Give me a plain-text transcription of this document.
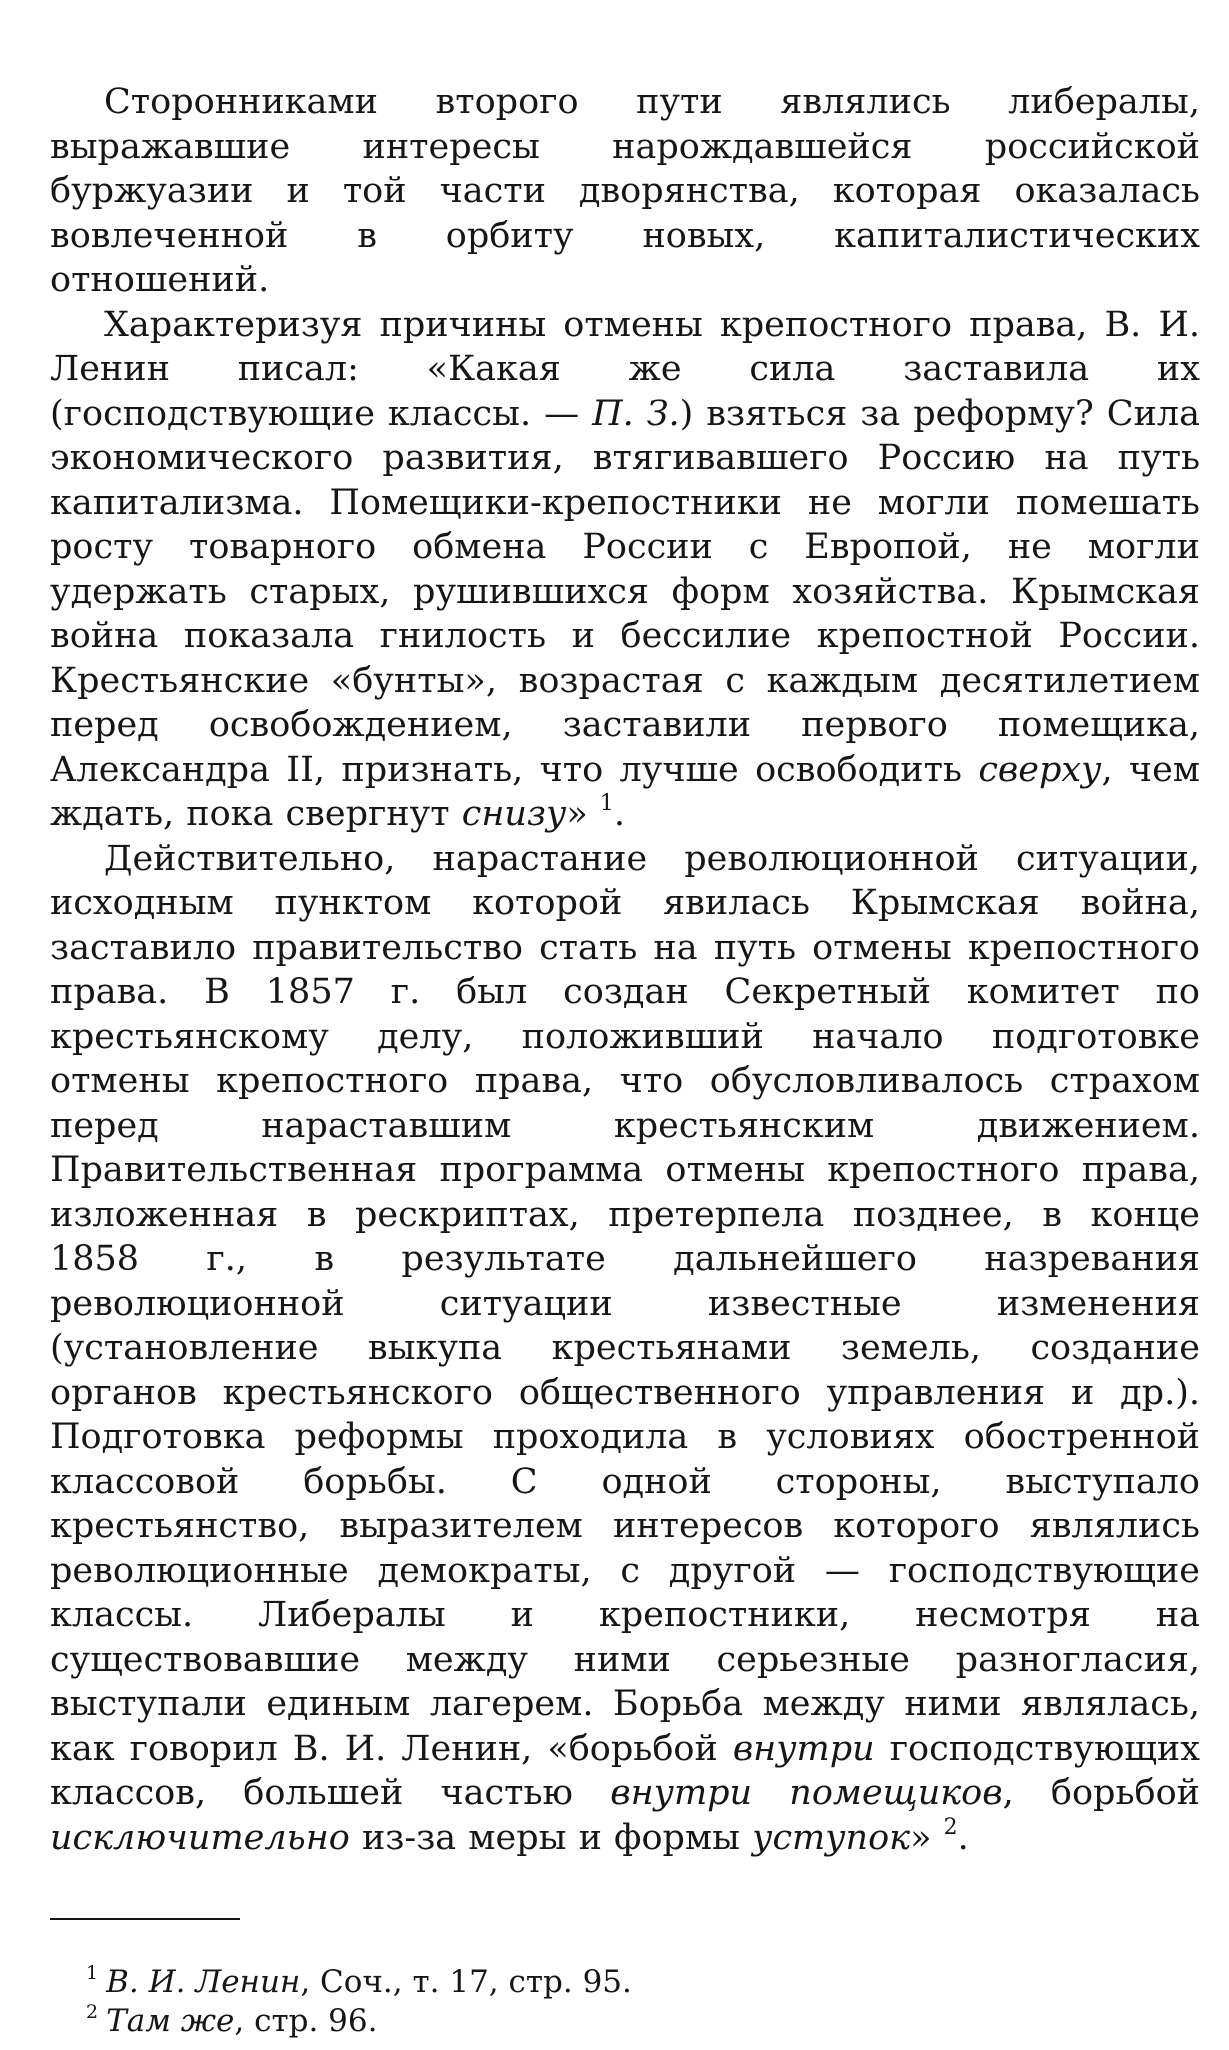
Сторонниками второго пути являлись либералы, выражавшие интересы нарождавшейся российской буржуазии и той части дворянства, которая оказалась вовлеченной в орбиту новых, капиталистических отношений.

Характеризуя причины отмены крепостного права, В. И. Ленин писал: «Какая же сила заставила их (господствующие классы. — П. З.) взяться за реформу? Сила экономического развития, втягивавшего Россию на путь капитализма. Помещики-крепостники не могли помешать росту товарного обмена России с Европой, не могли удержать старых, рушившихся форм хозяйства. Крымская война показала гнилость и бессилие крепостной России. Крестьянские «бунты», возрастая с каждым десятилетием перед освобождением, заставили первого помещика, Александра II, признать, что лучше освободить сверху, чем ждать, пока свергнут снизу» $^1$.

Действительно, нарастание революционной ситуации, исходным пунктом которой явилась Крымская война, заставило правительство стать на путь отмены крепостного права. В 1857 г. был создан Секретный комитет по крестьянскому делу, положивший начало подготовке отмены крепостного права, что обусловливалось страхом перед нараставшим крестьянским движением. Правительственная программа отмены крепостного права, изложенная в рескриптах, претерпела позднее, в конце 1858 г., в результате дальнейшего назревания революционной ситуации известные изменения (установление выкупа крестьянами земель, создание органов крестьянского общественного управления и др.). Подготовка реформы проходила в условиях обостренной классовой борьбы. С одной стороны, выступало крестьянство, выразителем интересов которого являлись революционные демократы, с другой — господствующие классы. Либералы и крепостники, несмотря на существовавшие между ними серьезные разногласия, выступали единым лагерем. Борьба между ними являлась, как говорил В. И. Ленин, «борьбой внутри господствующих классов, большей частью внутри помещиков, борьбой исключительно из-за меры и формы уступок» $^2$.

$^1$ В. И. Ленин, Соч., т. 17, стр. 95.
$^2$ Там же, стр. 96.
